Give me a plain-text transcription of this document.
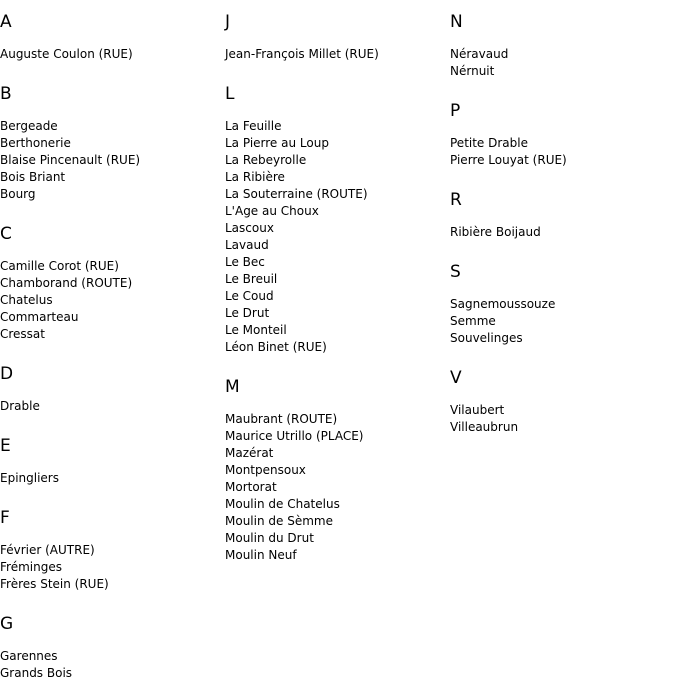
A
Auguste Coulon (RUE)
B
Bergeade
Berthonerie
Blaise Pincenault (RUE)
Bois Briant
Bourg
C
Camille Corot (RUE)
Chamborand (ROUTE)
Chatelus
Commarteau
Cressat
D
Drable
E
Epingliers
F
Février (AUTRE)
Fréminges
Frères Stein (RUE)
G
Garennes
Grands Bois
J
Jean-François Millet (RUE)
L
La Feuille
La Pierre au Loup
La Rebeyrolle
La Ribière
La Souterraine (ROUTE)
L'Age au Choux
Lascoux
Lavaud
Le Bec
Le Breuil
Le Coud
Le Drut
Le Monteil
Léon Binet (RUE)
M
Maubrant (ROUTE)
Maurice Utrillo (PLACE)
Mazérat
Montpensoux
Mortorat
Moulin de Chatelus
Moulin de Sèmme
Moulin du Drut
Moulin Neuf
N
Néravaud
Nérnuit
P
Petite Drable
Pierre Louyat (RUE)
R
Ribière Boijaud
S
Sagnemoussouze
Semme
Souvelinges
V
Vilaubert
Villeaubrun
